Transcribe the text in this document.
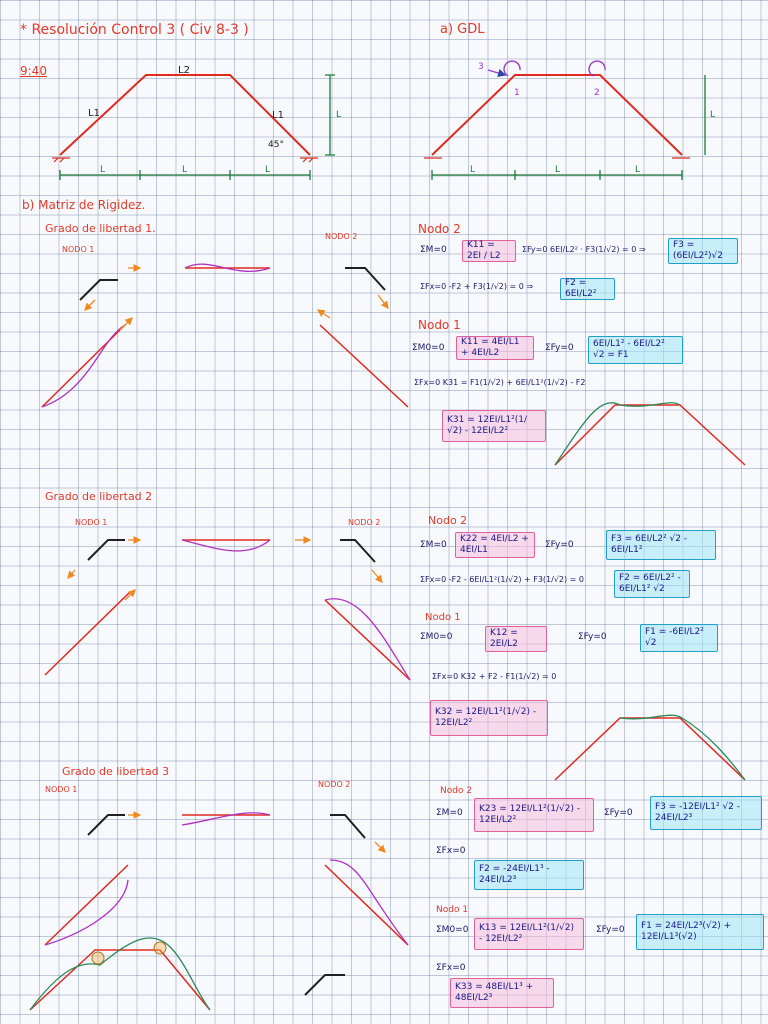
* Resolución Control 3 ( Civ 8-3 )	a) GDL
9:40	L2
L1	L1
45°
L	L	L
L
L	L	L
L
3
1	2
b) Matriz de Rigidez.
Grado de libertad 1.
Grado de libertad 2
Grado de libertad 3
NODO 1
NODO 2
NODO 1	NODO 2
NODO 1
NODO 2
Nodo 2
ΣM=0	K11 = 2EI / L2
ΣFy=0 6EI/L2² · F3(1/√2) = 0 ⇒	F3 = (6EI/L2²)√2
ΣFx=0 -F2 + F3(1/√2) = 0 ⇒	F2 = 6EI/L2²
Nodo 1
ΣM0=0
K11 = 4EI/L1 + 4EI/L2	ΣFy=0	6EI/L1² - 6EI/L2² √2 = F1
ΣFx=0 K31 = F1(1/√2) + 6EI/L1²(1/√2) - F2
K31 = 12EI/L1²(1/√2) - 12EI/L2²
Nodo 2
ΣM=0
K22 = 4EI/L2 + 4EI/L1	ΣFy=0
F3 = 6EI/L2² √2 - 6EI/L1²
ΣFx=0 -F2 - 6EI/L1²(1/√2) + F3(1/√2) = 0	F2 = 6EI/L2² - 6EI/L1² √2
Nodo 1
ΣM0=0	K12 = 2EI/L2
ΣFy=0	F1 = -6EI/L2² √2
ΣFx=0 K32 + F2 - F1(1/√2) = 0
K32 = 12EI/L1²(1/√2) - 12EI/L2²
Nodo 2
ΣM=0	K23 = 12EI/L1²(1/√2) - 12EI/L2²
ΣFy=0
F3 = -12EI/L1² √2 - 24EI/L2³
ΣFx=0
F2 = -24EI/L1³ - 24EI/L2³
Nodo 1
ΣM0=0	K13 = 12EI/L1²(1/√2) - 12EI/L2²
ΣFy=0	F1 = 24EI/L2³(√2) + 12EI/L1³(√2)
ΣFx=0
K33 = 48EI/L1³ + 48EI/L2³
